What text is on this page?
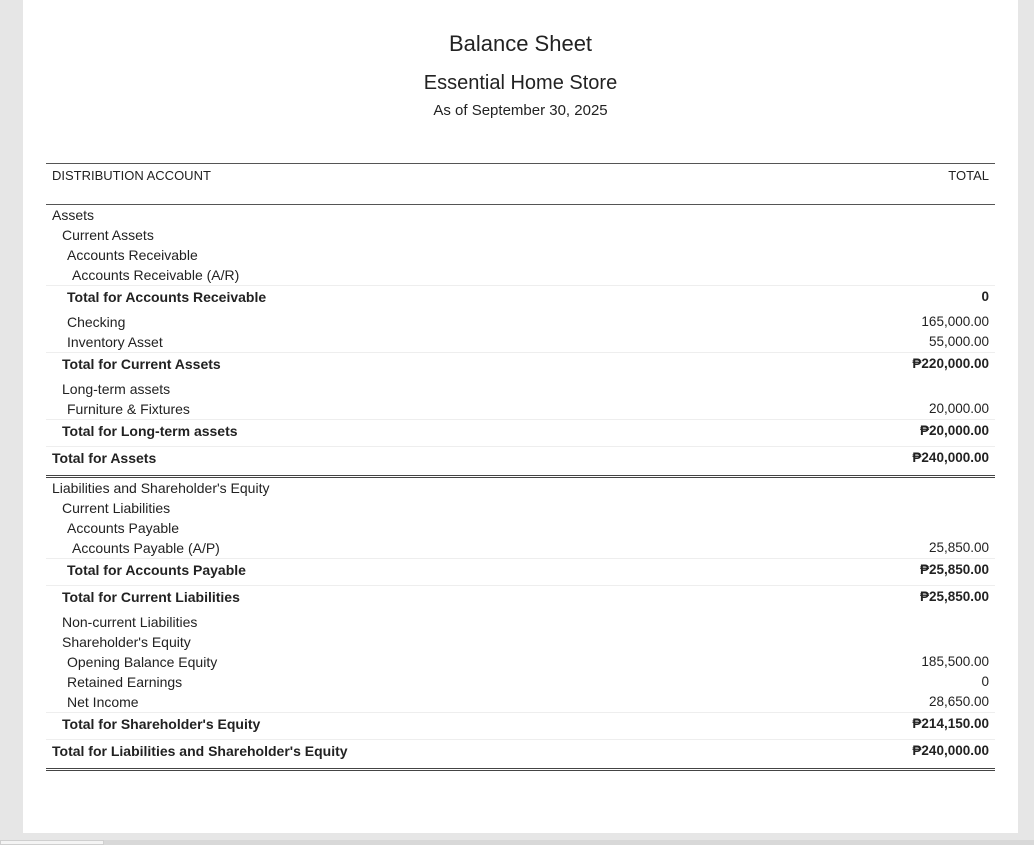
Balance Sheet
Essential Home Store
As of September 30, 2025
DISTRIBUTION ACCOUNT	TOTAL
Assets
Current Assets
Accounts Receivable
Accounts Receivable (A/R)
Total for Accounts Receivable	0
Checking	165,000.00
Inventory Asset	55,000.00
Total for Current Assets	₱220,000.00
Long-term assets
Furniture & Fixtures	20,000.00
Total for Long-term assets	₱20,000.00
Total for Assets	₱240,000.00
Liabilities and Shareholder's Equity
Current Liabilities
Accounts Payable
Accounts Payable (A/P)	25,850.00
Total for Accounts Payable	₱25,850.00
Total for Current Liabilities	₱25,850.00
Non-current Liabilities
Shareholder's Equity
Opening Balance Equity	185,500.00
Retained Earnings	0
Net Income	28,650.00
Total for Shareholder's Equity	₱214,150.00
Total for Liabilities and Shareholder's Equity	₱240,000.00
